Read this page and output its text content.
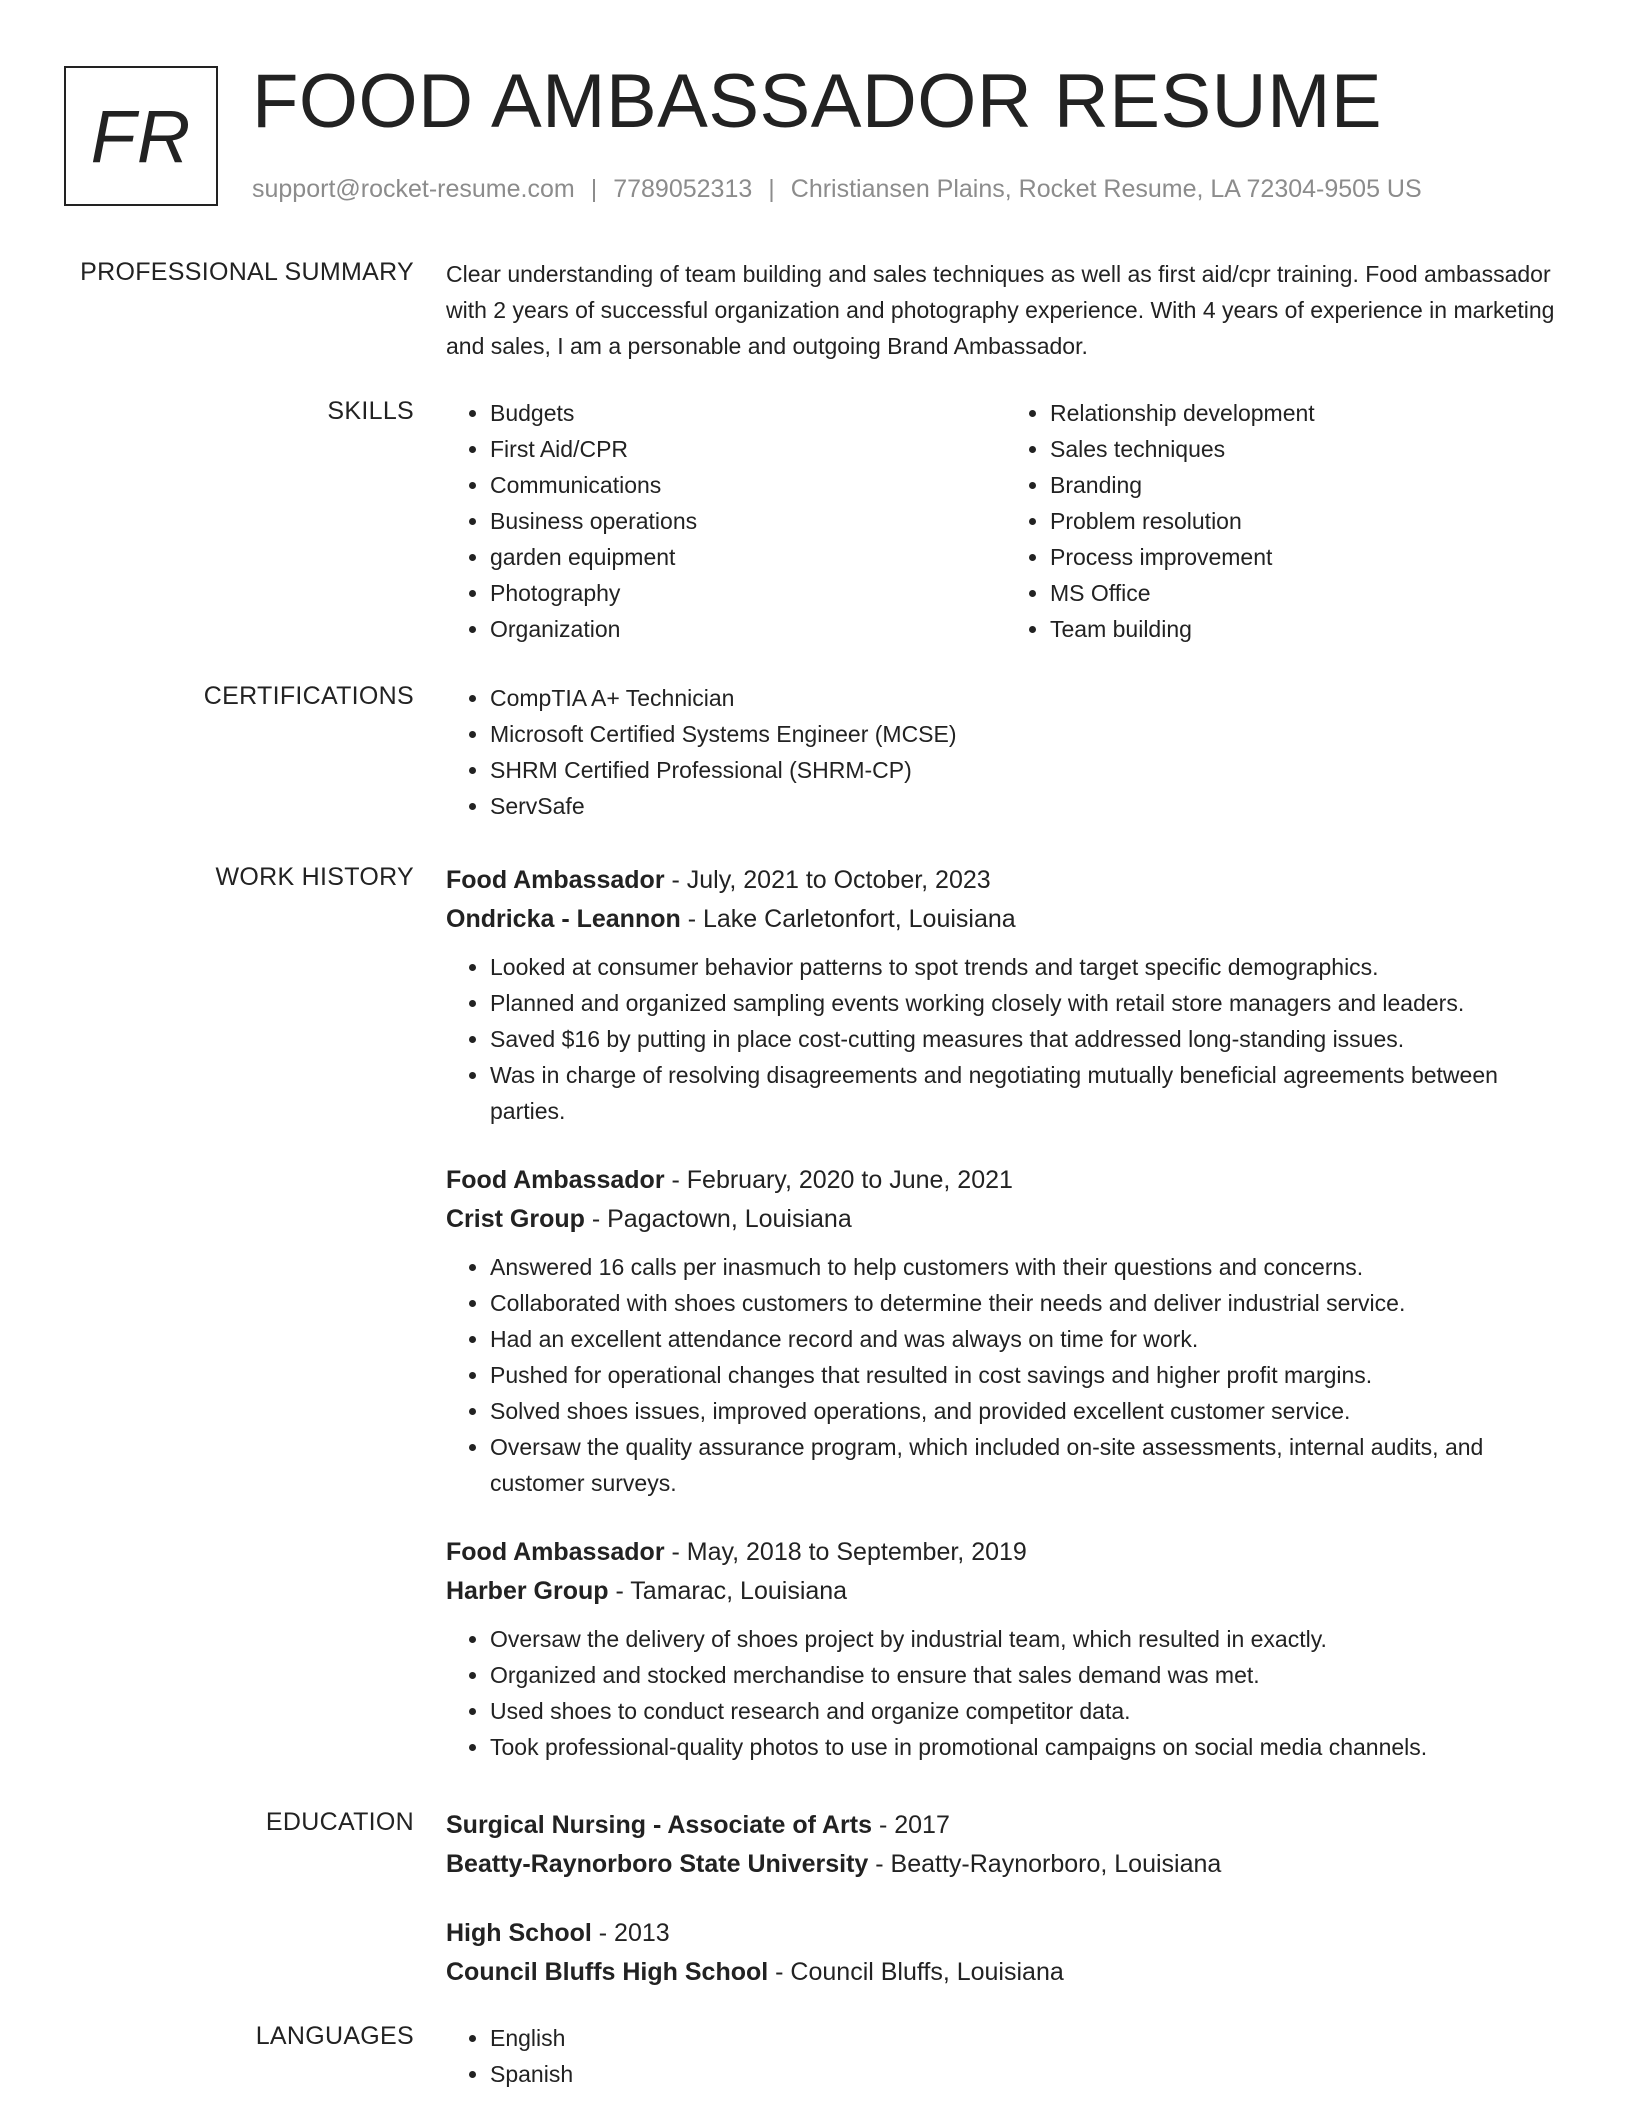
FR FOOD AMBASSADOR RESUME
support@rocket-resume.com | 7789052313 | Christiansen Plains, Rocket Resume, LA 72304-9505 US
PROFESSIONAL SUMMARY Clear understanding of team building and sales techniques as well as first aid/cpr training. Food ambassador with 2 years of successful organization and photography experience. With 4 years of experience in marketing and sales, I am a personable and outgoing Brand Ambassador.

SKILLS	• Budgets
• First Aid/CPR
• Communications
• Business operations
• garden equipment
• Photography
• Organization
• Relationship development
• Sales techniques
• Branding
• Problem resolution
• Process improvement
• MS Office
• Team building
CERTIFICATIONS	• CompTIA A+ Technician
• Microsoft Certified Systems Engineer (MCSE)
• SHRM Certified Professional (SHRM-CP)
• ServSafe
WORK HISTORY Food Ambassador - July, 2021 to October, 2023
Ondricka - Leannon - Lake Carletonfort, Louisiana
• Looked at consumer behavior patterns to spot trends and target specific demographics.
• Planned and organized sampling events working closely with retail store managers and leaders.
• Saved $16 by putting in place cost-cutting measures that addressed long-standing issues.
• Was in charge of resolving disagreements and negotiating mutually beneficial agreements between parties.
Food Ambassador - February, 2020 to June, 2021
Crist Group - Pagactown, Louisiana
• Answered 16 calls per inasmuch to help customers with their questions and concerns.
• Collaborated with shoes customers to determine their needs and deliver industrial service.
• Had an excellent attendance record and was always on time for work.
• Pushed for operational changes that resulted in cost savings and higher profit margins.
• Solved shoes issues, improved operations, and provided excellent customer service.
• Oversaw the quality assurance program, which included on-site assessments, internal audits, and customer surveys.
Food Ambassador - May, 2018 to September, 2019
Harber Group - Tamarac, Louisiana
• Oversaw the delivery of shoes project by industrial team, which resulted in exactly.
• Organized and stocked merchandise to ensure that sales demand was met.
• Used shoes to conduct research and organize competitor data.
• Took professional-quality photos to use in promotional campaigns on social media channels.
EDUCATION Surgical Nursing - Associate of Arts - 2017
Beatty-Raynorboro State University - Beatty-Raynorboro, Louisiana
High School - 2013
Council Bluffs High School - Council Bluffs, Louisiana
LANGUAGES	• English
• Spanish
